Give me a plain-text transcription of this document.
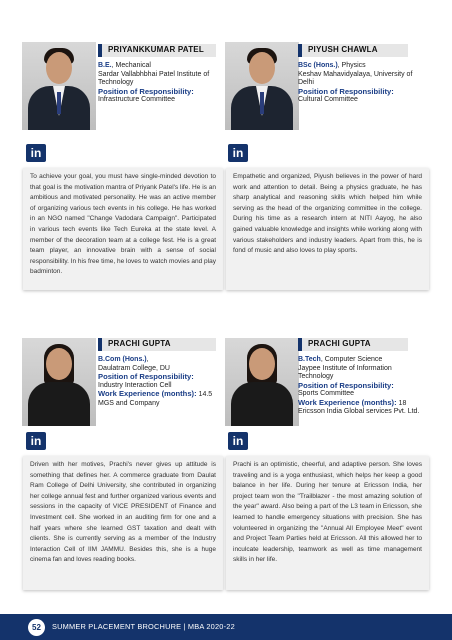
PRIYANKKUMAR PATEL
B.E., Mechanical
Sardar Vallabhbhai Patel Institute of
Technology
Position of Responsibility:
Infrastructure Committee
in
To achieve your goal, you must have single-minded devotion to that goal is the motivation mantra of Priyank Patel's life. He is an ambitious and motivated personality. He was an active member of organizing various tech events in his college. He has worked in an NGO named "Change Vadodara Campaign". Participated in various tech events like Tech Eureka at the state level. A member of the decoration team at a college fest. He is a great team player, an innovative brain with a sense of social responsibility. In his free time, he loves to watch movies and play badminton.
PIYUSH CHAWLA
BSc (Hons.), Physics
Keshav Mahavidyalaya, University of
Delhi
Position of Responsibility:
Cultural Committee
in
Empathetic and organized, Piyush believes in the power of hard work and attention to detail. Being a physics graduate, he has sharp analytical and reasoning skills which helped him while serving as the head of the organizing committee in the college. During his time as a research intern at NITI Aayog, he also gained valuable knowledge and insights while working along with various stakeholders and industry leaders. Apart from this, he is fond of music and also loves to play sports.
PRACHI GUPTA
B.Com (Hons.),
Daulatram College, DU
Position of Responsibility:
Industry Interaction Cell
Work Experience (months): 14.5
MGS and Company
in
Driven with her motives, Prachi's never gives up attitude is something that defines her. A commerce graduate from Daulat Ram College of Delhi University, she contributed in organizing her college annual fest and further organized various events and sessions in the capacity of VICE PRESIDENT of Finance and Investment cell. She worked in an auditing firm for one and a half years where she learned GST taxation and dealt with clients. She is currently serving as a member of the Industry Interaction Cell of IIM JAMMU. Besides this, she is a huge cinema fan and loves reading books.
PRACHI GUPTA
B.Tech, Computer Science
Jaypee Institute of Information
Technology
Position of Responsibility:
Sports Committee
Work Experience (months): 18
Ericsson India Global services Pvt. Ltd.
in
Prachi is an optimistic, cheerful, and adaptive person. She loves traveling and is a yoga enthusiast, which helps her keep a good balance in her life. During her tenure at Ericsson India, her project team won the "Trailblazer - the most amazing solution of the year" award. Also being a part of the L3 team in Ericsson, she learned to handle emergency situations with precision. She has volunteered in organizing the "Annual All Employee Meet" event and Project Team Parties held at Ericsson. All this allowed her to inculcate leadership, teamwork as well as time management skills in her life.
52	SUMMER PLACEMENT BROCHURE | MBA 2020-22
